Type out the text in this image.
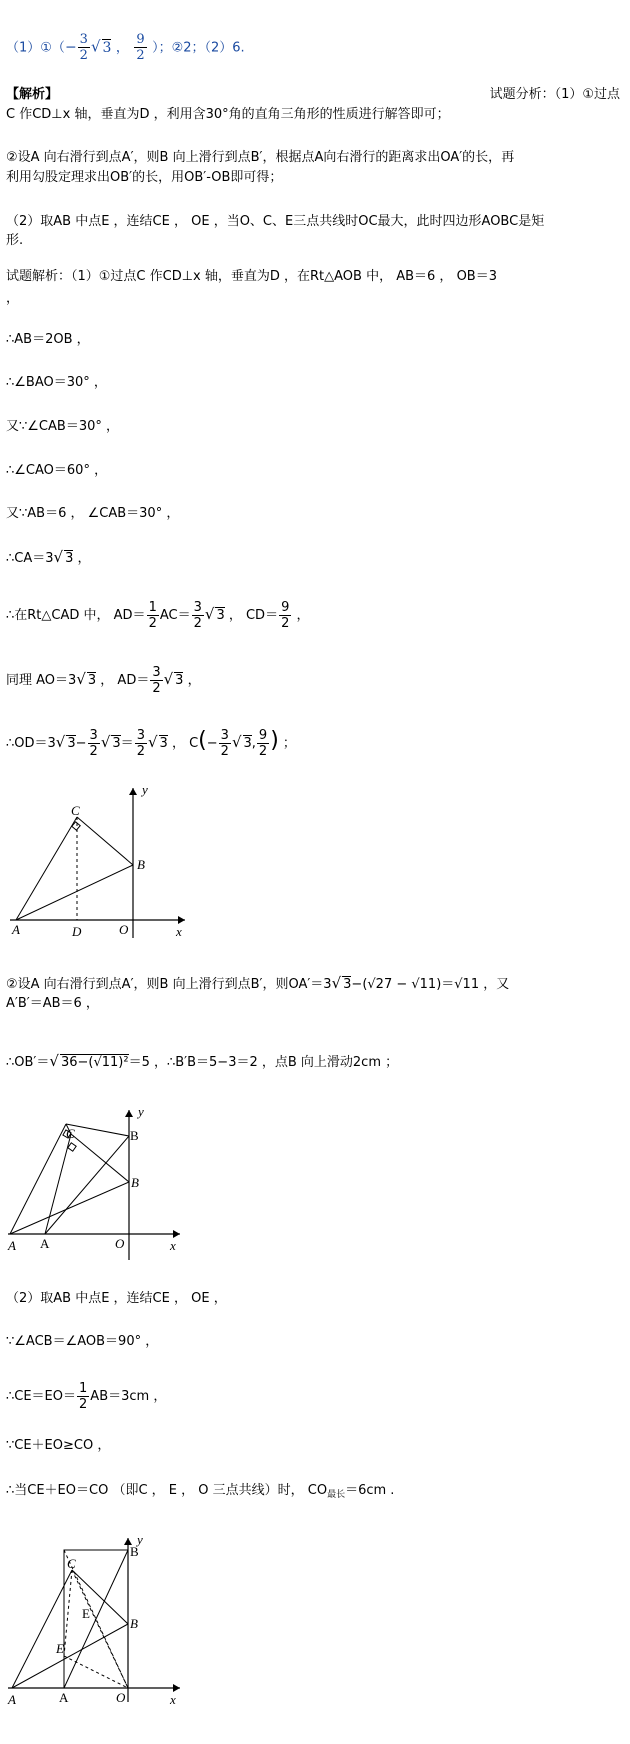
（1）①（− $\frac{3}{2}$ √ 3 ， $\frac{9}{2}$ ）；②2；（2）6.
【解析】	试题分析：（1）①过点
C 作CD⊥x 轴，垂直为D ，利用含30°角的直角三角形的性质进行解答即可；
②设A 向右滑行到点A′，则B 向上滑行到点B′，根据点A向右滑行的距离求出OA′的长，再
利用勾股定理求出OB′的长，用OB′-OB即可得；
（2）取AB 中点E ，连结CE ， OE ，当O、C、E三点共线时OC最大，此时四边形AOBC是矩
形.
试题解析：（1）①过点C 作CD⊥x 轴，垂直为D ，在Rt△AOB 中， AB＝6 ， OB＝3
，
∴AB＝2OB ，
∴∠BAO＝30° ，
又∵∠CAB＝30° ，
∴∠CAO＝60° ，
又∵AB＝6 ， ∠CAB＝30° ，
∴CA＝3√ 3 ，
∴在Rt△CAD 中， $AD= \frac{1}{2} AC= \frac{3}{2}$ √ 3 ， $CD= \frac{9}{2}$ ，
同理 AO＝3√ 3 ， $AD= \frac{3}{2}$ √ 3 ，
∴OD＝3√ $3- \frac{3}{2}$ √ $3= \frac{3}{2}$ √ 3 ， $C(- \frac{3}{2}$ √ 3, $\frac{9}{2}$ ) ；
y
C
B
A	D	O	x
②设A 向右滑行到点A′，则B 向上滑行到点B′，则OA′＝3√ 3−(√27 − √11)＝√11 ，又
A′B′＝AB＝6 ，
∴OB′＝√ 36−(√11)²＝5 ，∴B′B＝5−3＝2 ，点B 向上滑动2cm ；
y
B
C
B
A A	O	x
（2）取AB 中点E ，连结CE ， OE ，
∵∠ACB＝∠AOB＝90° ，
∴CE＝EO＝ $\frac{1}{2} AB=3cm$ ，
∵CE＋EO≥CO ，
∴当CE＋EO＝CO （即C ， E ， O 三点共线）时， $CO_{最长}=6cm$ .
y
B
C
E
B
E
A	A	O	x
